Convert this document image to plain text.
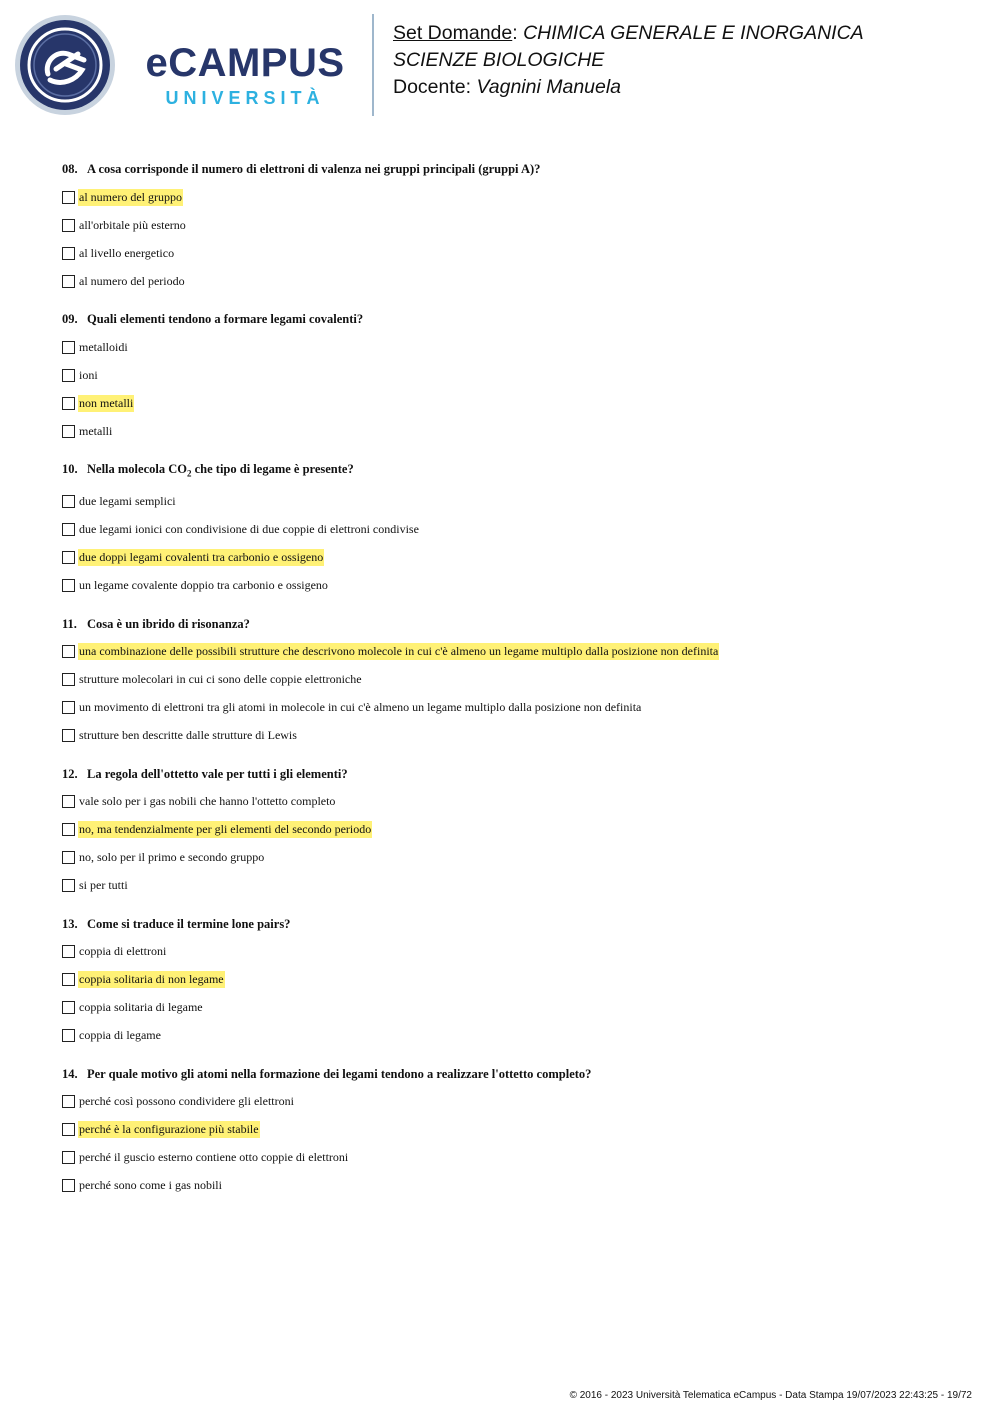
eCAMPUS
UNIVERSITÀ
Set Domande: CHIMICA GENERALE E INORGANICA
SCIENZE BIOLOGICHE
Docente: Vagnini Manuela
08. A cosa corrisponde il numero di elettroni di valenza nei gruppi principali (gruppi A)?
al numero del gruppo
all'orbitale più esterno
al livello energetico
al numero del periodo
09. Quali elementi tendono a formare legami covalenti?
metalloidi
ioni
non metalli
metalli
10. Nella molecola $CO_2$ che tipo di legame è presente?
due legami semplici
due legami ionici con condivisione di due coppie di elettroni condivise
due doppi legami covalenti tra carbonio e ossigeno
un legame covalente doppio tra carbonio e ossigeno
11. Cosa è un ibrido di risonanza?
una combinazione delle possibili strutture che descrivono molecole in cui c'è almeno un legame multiplo dalla posizione non definita
strutture molecolari in cui ci sono delle coppie elettroniche
un movimento di elettroni tra gli atomi in molecole in cui c'è almeno un legame multiplo dalla posizione non definita
strutture ben descritte dalle strutture di Lewis
12. La regola dell'ottetto vale per tutti i gli elementi?
vale solo per i gas nobili che hanno l'ottetto completo
no, ma tendenzialmente per gli elementi del secondo periodo
no, solo per il primo e secondo gruppo
si per tutti
13. Come si traduce il termine lone pairs?
coppia di elettroni
coppia solitaria di non legame
coppia solitaria di legame
coppia di legame
14. Per quale motivo gli atomi nella formazione dei legami tendono a realizzare l'ottetto completo?
perché così possono condividere gli elettroni
perché è la configurazione più stabile
perché il guscio esterno contiene otto coppie di elettroni
perché sono come i gas nobili
© 2016 - 2023 Università Telematica eCampus - Data Stampa 19/07/2023 22:43:25 - 19/72
